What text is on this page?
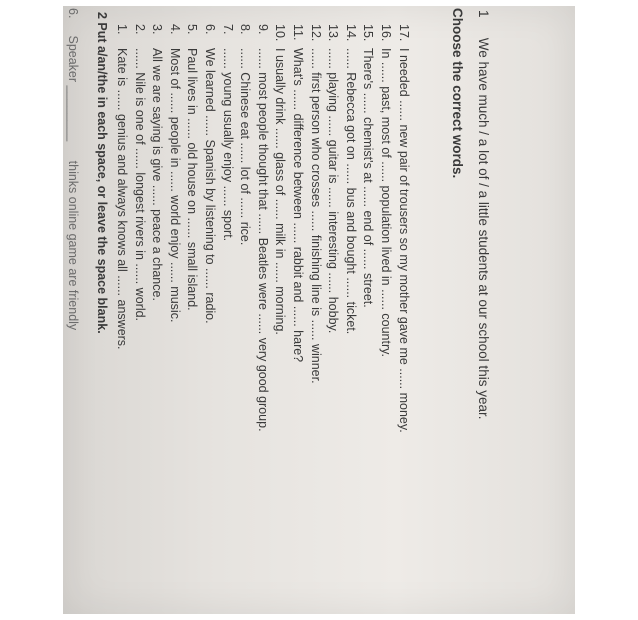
6. Speaker ________ thinks online game are friendly 2 Put a/an/the in each space, or leave the space blank. 1.Kate is ...... genius and always knows all ...... answers.
2....... Nile is one of ...... longest rivers in ...... world.
3.All we are saying is give ...... peace a chance.
4.Most of ...... people in ...... world enjoy ...... music.
5.Paul lives in ...... old house on ...... small island.
6.We learned ...... Spanish by listening to ...... radio.
7....... young usually enjoy ...... sport.
8....... Chinese eat ...... lot of ...... rice.
9....... most people thought that ...... Beatles were ...... very good group.
10.I usually drink ...... glass of ...... milk in ...... morning.
11.What's ...... difference between ...... rabbit and ...... hare?
12....... first person who crosses ...... finishing line is ...... winner.
13....... playing ...... guitar is ...... interesting ...... hobby.
14....... Rebecca got on ...... bus and bought ...... ticket.
15.There's ...... chemist's at ...... end of ...... street.
16.In ...... past, most of ...... population lived in ...... country.
17.I needed ...... new pair of trousers so my mother gave me ...... money.	Choose the correct words. 1 We have much / a lot of / a little students at our school this year.
